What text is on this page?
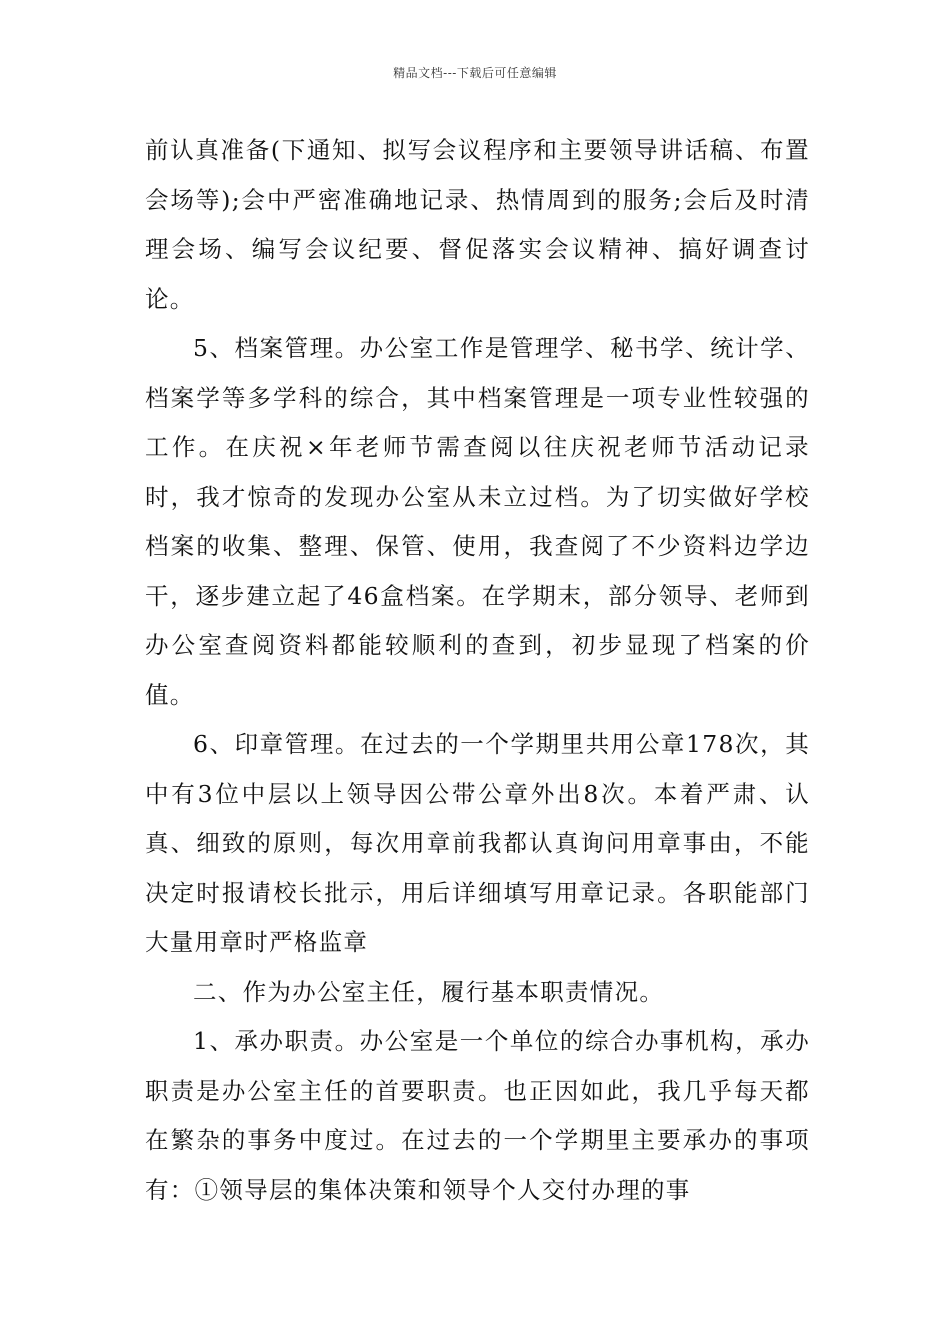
精品文档---下载后可任意编辑

前认真准备(下通知、拟写会议程序和主要领导讲话稿、布置会场等);会中严密准确地记录、热情周到的服务;会后及时清理会场、编写会议纪要、督促落实会议精神、搞好调查讨论。

5、档案管理。办公室工作是管理学、秘书学、统计学、档案学等多学科的综合，其中档案管理是一项专业性较强的工作。在庆祝×年老师节需查阅以往庆祝老师节活动记录时，我才惊奇的发现办公室从未立过档。为了切实做好学校档案的收集、整理、保管、使用，我查阅了不少资料边学边干，逐步建立起了46盒档案。在学期末，部分领导、老师到办公室查阅资料都能较顺利的查到，初步显现了档案的价值。

6、印章管理。在过去的一个学期里共用公章178次，其中有3位中层以上领导因公带公章外出8次。本着严肃、认真、细致的原则，每次用章前我都认真询问用章事由，不能决定时报请校长批示，用后详细填写用章记录。各职能部门大量用章时严格监章

二、作为办公室主任，履行基本职责情况。

1、承办职责。办公室是一个单位的综合办事机构，承办职责是办公室主任的首要职责。也正因如此，我几乎每天都在繁杂的事务中度过。在过去的一个学期里主要承办的事项有：①领导层的集体决策和领导个人交付办理的事
